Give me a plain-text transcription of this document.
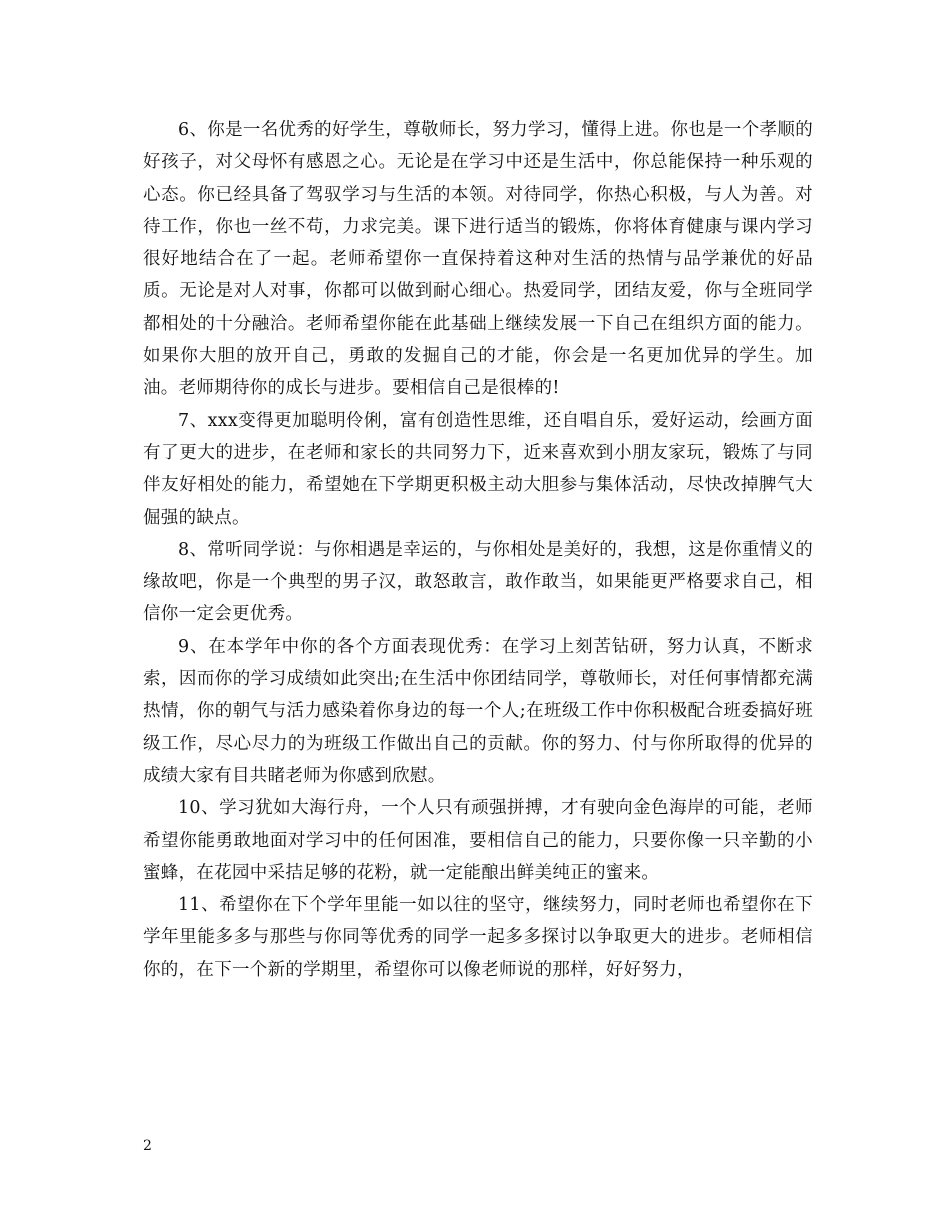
6、你是一名优秀的好学生，尊敬师长，努力学习，懂得上进。你也是一个孝顺的好孩子，对父母怀有感恩之心。无论是在学习中还是生活中，你总能保持一种乐观的心态。你已经具备了驾驭学习与生活的本领。对待同学，你热心积极，与人为善。对待工作，你也一丝不苟，力求完美。课下进行适当的锻炼，你将体育健康与课内学习很好地结合在了一起。老师希望你一直保持着这种对生活的热情与品学兼优的好品质。无论是对人对事，你都可以做到耐心细心。热爱同学，团结友爱，你与全班同学都相处的十分融洽。老师希望你能在此基础上继续发展一下自己在组织方面的能力。如果你大胆的放开自己，勇敢的发掘自己的才能，你会是一名更加优异的学生。加油。老师期待你的成长与进步。要相信自己是很棒的!

7、xxx变得更加聪明伶俐，富有创造性思维，还自唱自乐，爱好运动，绘画方面有了更大的进步，在老师和家长的共同努力下，近来喜欢到小朋友家玩，锻炼了与同伴友好相处的能力，希望她在下学期更积极主动大胆参与集体活动，尽快改掉脾气大倔强的缺点。

8、常听同学说：与你相遇是幸运的，与你相处是美好的，我想，这是你重情义的缘故吧，你是一个典型的男子汉，敢怒敢言，敢作敢当，如果能更严格要求自己，相信你一定会更优秀。

9、在本学年中你的各个方面表现优秀：在学习上刻苦钻研，努力认真，不断求索，因而你的学习成绩如此突出;在生活中你团结同学，尊敬师长，对任何事情都充满热情，你的朝气与活力感染着你身边的每一个人;在班级工作中你积极配合班委搞好班级工作，尽心尽力的为班级工作做出自己的贡献。你的努力、付与你所取得的优异的成绩大家有目共睹老师为你感到欣慰。

10、学习犹如大海行舟，一个人只有顽强拼搏，才有驶向金色海岸的可能，老师希望你能勇敢地面对学习中的任何困准，要相信自己的能力，只要你像一只辛勤的小蜜蜂，在花园中采拮足够的花粉，就一定能酿出鲜美纯正的蜜来。

11、希望你在下个学年里能一如以往的坚守，继续努力，同时老师也希望你在下学年里能多多与那些与你同等优秀的同学一起多多探讨以争取更大的进步。老师相信你的，在下一个新的学期里，希望你可以像老师说的那样，好好努力，

2
